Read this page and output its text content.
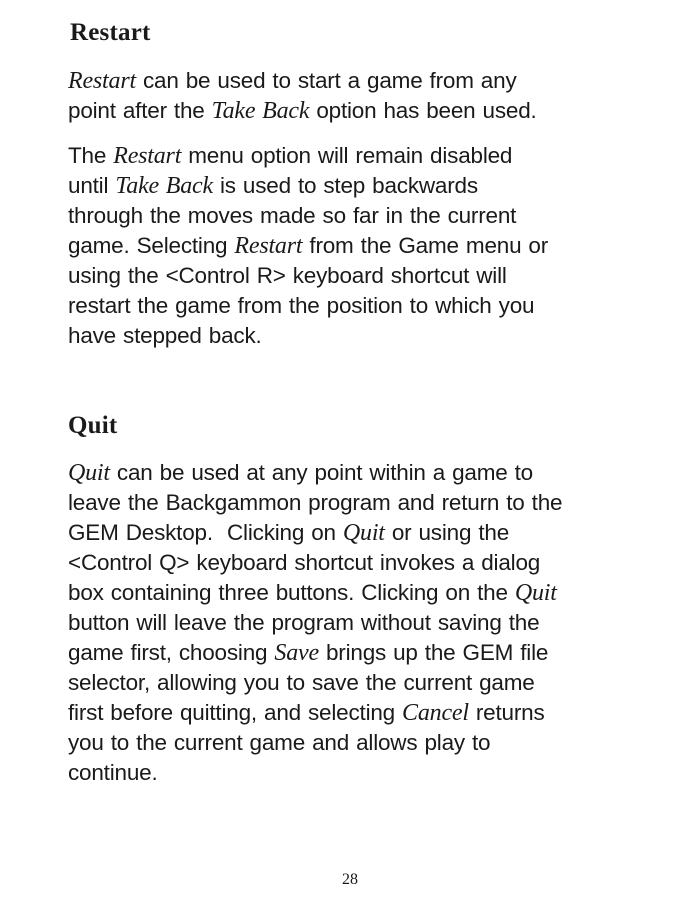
Restart

Restart can be used to start a game from any
point after the Take Back option has been used.

The Restart menu option will remain disabled
until Take Back is used to step backwards
through the moves made so far in the current
game. Selecting Restart from the Game menu or
using the <Control R> keyboard shortcut will
restart the game from the position to which you
have stepped back.

Quit

Quit can be used at any point within a game to
leave the Backgammon program and return to the
GEM Desktop.  Clicking on Quit or using the
<Control Q> keyboard shortcut invokes a dialog
box containing three buttons. Clicking on the Quit
button will leave the program without saving the
game first, choosing Save brings up the GEM file
selector, allowing you to save the current game
first before quitting, and selecting Cancel returns
you to the current game and allows play to
continue.

28
